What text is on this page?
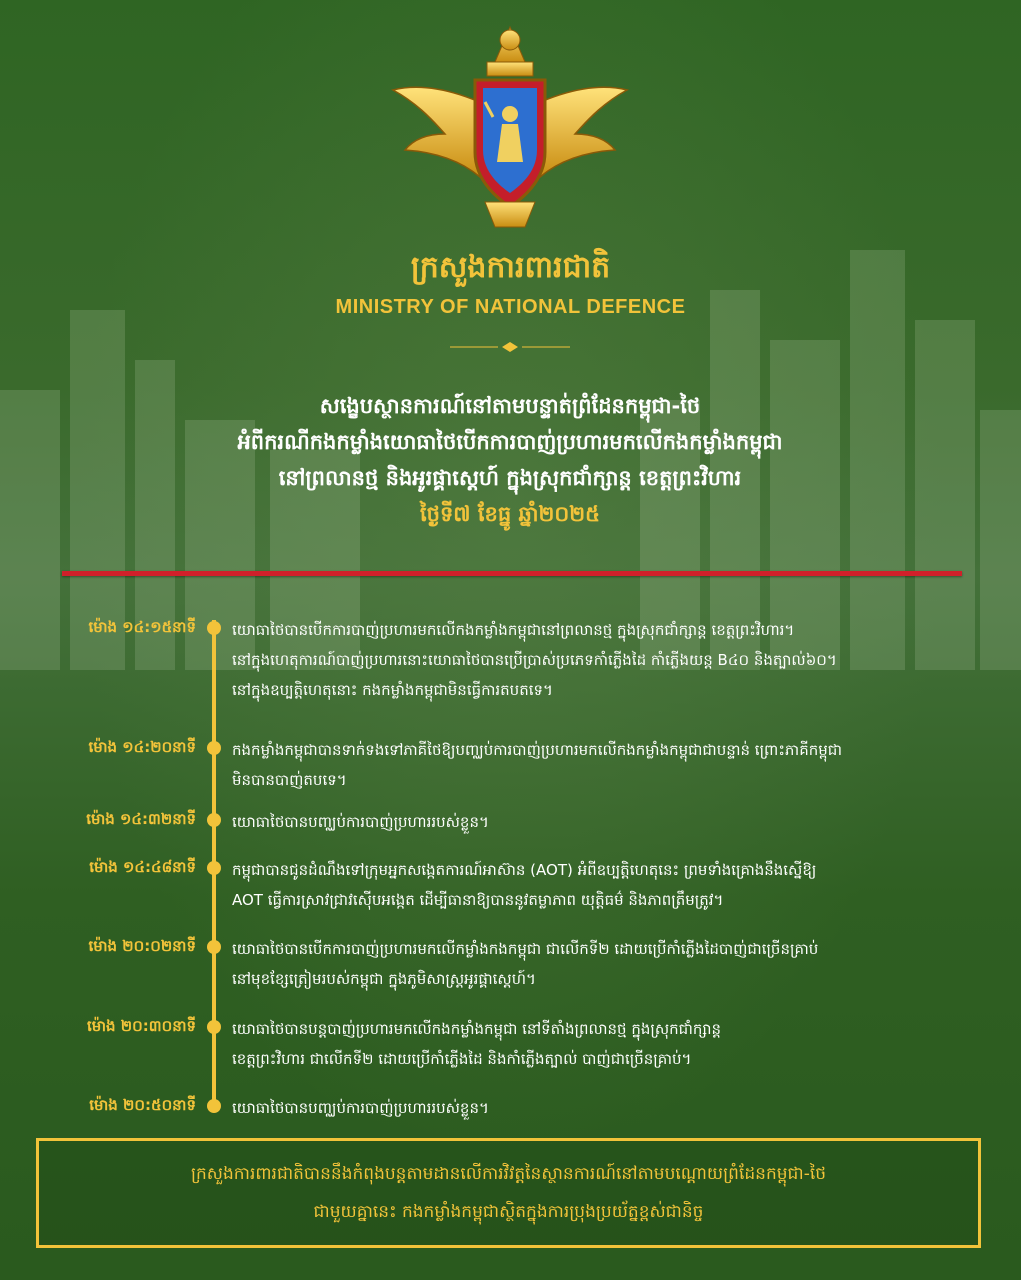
ក្រសួងការពារជាតិ
MINISTRY OF NATIONAL DEFENCE
សង្ខេបស្ថានការណ៍នៅតាមបន្ទាត់ព្រំដែនកម្ពុជា-ថៃ
អំពីករណីកងកម្លាំងយោធាថៃបើកការបាញ់ប្រហារមកលើកងកម្លាំងកម្ពុជា
នៅព្រលានថ្ម និងអូរផ្គាស្ដេហ៍ ក្នុងស្រុកជាំក្សាន្ត ខេត្តព្រះវិហារ
ថ្ងៃទី៧ ខែធ្នូ ឆ្នាំ២០២៥
ម៉ោង ១៤:១៥នាទី យោធាថៃបានបើកការបាញ់ប្រហារមកលើកងកម្លាំងកម្ពុជានៅព្រលានថ្ម ក្នុងស្រុកជាំក្សាន្ត ខេត្តព្រះវិហារ។
នៅក្នុងហេតុការណ៍បាញ់ប្រហារនោះយោធាថៃបានប្រើប្រាស់ប្រភេទកាំភ្លើងដៃ កាំភ្លើងយន្ត B៤០ និងត្បាល់៦០។
នៅក្នុងឧប្បត្តិហេតុនោះ កងកម្លាំងកម្ពុជាមិនធ្វើការតបតទេ។
ម៉ោង ១៤:២០នាទី កងកម្លាំងកម្ពុជាបានទាក់ទងទៅភាគីថៃឱ្យបញ្ឈប់ការបាញ់ប្រហារមកលើកងកម្លាំងកម្ពុជាជាបន្ទាន់ ព្រោះភាគីកម្ពុជា
មិនបានបាញ់តបទេ។
ម៉ោង ១៤:៣២នាទី យោធាថៃបានបញ្ឈប់ការបាញ់ប្រហាររបស់ខ្លួន។
ម៉ោង ១៤:៤៨នាទី កម្ពុជាបានជូនដំណឹងទៅក្រុមអ្នកសង្កេតការណ៍អាស៊ាន (AOT) អំពីឧប្បត្តិហេតុនេះ ព្រមទាំងគ្រោងនឹងស្នើឱ្យ
AOT ធ្វើការស្រាវជ្រាវស៊ើបអង្កេត ដើម្បីធានាឱ្យបាននូវតម្លាភាព យុត្តិធម៌ និងភាពត្រឹមត្រូវ។
ម៉ោង ២០:០២នាទី យោធាថៃបានបើកការបាញ់ប្រហារមកលើកម្លាំងកងកម្ពុជា ជាលើកទី២ ដោយប្រើកាំភ្លើងដៃបាញ់ជាច្រើនគ្រាប់
នៅមុខខ្សែត្រៀមរបស់កម្ពុជា ក្នុងភូមិសាស្ត្រអូរផ្គាស្ដេហ៍។
ម៉ោង ២០:៣០នាទី យោធាថៃបានបន្តបាញ់ប្រហារមកលើកងកម្លាំងកម្ពុជា នៅទីតាំងព្រលានថ្ម ក្នុងស្រុកជាំក្សាន្ត
ខេត្តព្រះវិហារ ជាលើកទី២ ដោយប្រើកាំភ្លើងដៃ និងកាំភ្លើងត្បាល់ បាញ់ជាច្រើនគ្រាប់។
ម៉ោង ២០:៥០នាទី យោធាថៃបានបញ្ឈប់ការបាញ់ប្រហាររបស់ខ្លួន។
ក្រសួងការពារជាតិបាននឹងកំពុងបន្តតាមដានលើការវិវត្តនៃស្ថានការណ៍នៅតាមបណ្ដោយព្រំដែនកម្ពុជា-ថៃ
ជាមួយគ្នានេះ កងកម្លាំងកម្ពុជាស្ថិតក្នុងការប្រុងប្រយ័ត្នខ្ពស់ជានិច្ច
